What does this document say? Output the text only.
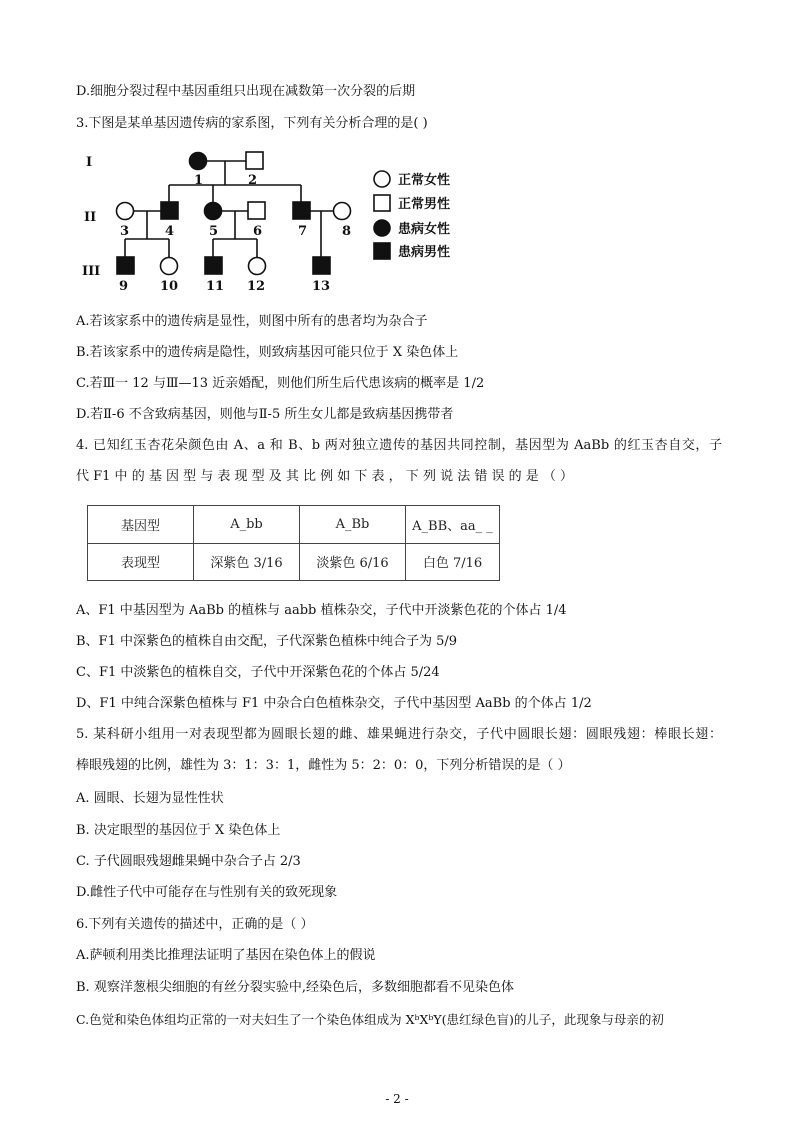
D.细胞分裂过程中基因重组只出现在减数第一次分裂的后期
3.下图是某单基因遗传病的家系图，下列有关分析合理的是( )
I
II
III
1	2
3	4	5	6	7	8
9 10 11 12	13
正常女性
正常男性
患病女性
患病男性
A.若该家系中的遗传病是显性，则图中所有的患者均为杂合子
B.若该家系中的遗传病是隐性，则致病基因可能只位于 X 染色体上
C.若Ⅲ一 12 与Ⅲ—13 近亲婚配，则他们所生后代患该病的概率是 1/2
D.若Ⅱ-6 不含致病基因，则他与Ⅱ-5 所生女儿都是致病基因携带者
4. 已知红玉杏花朵颜色由 A、a 和 B、b 两对独立遗传的基因共同控制，基因型为 AaBb 的红玉杏自交，子
代 F1 中 的 基 因 型 与 表 现 型 及 其 比 例 如 下 表 ， 下 列 说 法 错 误 的 是 （ ）
基因型	A_bb	A_Bb	A_BB、aa_ _
表现型	深紫色 3/16	淡紫色 6/16	白色 7/16
A、F1 中基因型为 AaBb 的植株与 aabb 植株杂交，子代中开淡紫色花的个体占 1/4
B、F1 中深紫色的植株自由交配，子代深紫色植株中纯合子为 5/9
C、F1 中淡紫色的植株自交，子代中开深紫色花的个体占 5/24
D、F1 中纯合深紫色植株与 F1 中杂合白色植株杂交，子代中基因型 AaBb 的个体占 1/2
5. 某科研小组用一对表现型都为圆眼长翅的雌、雄果蝇进行杂交，子代中圆眼长翅：圆眼残翅：棒眼长翅：
棒眼残翅的比例，雄性为 3：1：3：1，雌性为 5：2：0：0，下列分析错误的是（ ）
A. 圆眼、长翅为显性性状
B. 决定眼型的基因位于 X 染色体上
C. 子代圆眼残翅雌果蝇中杂合子占 2/3
D.雌性子代中可能存在与性别有关的致死现象
6.下列有关遗传的描述中，正确的是（ ）
A.萨顿利用类比推理法证明了基因在染色体上的假说
B. 观察洋葱根尖细胞的有丝分裂实验中,经染色后，多数细胞都看不见染色体
C.色觉和染色体组均正常的一对夫妇生了一个染色体组成为 XᵇXᵇY(患红绿色盲)的儿子，此现象与母亲的初
- 2 -
